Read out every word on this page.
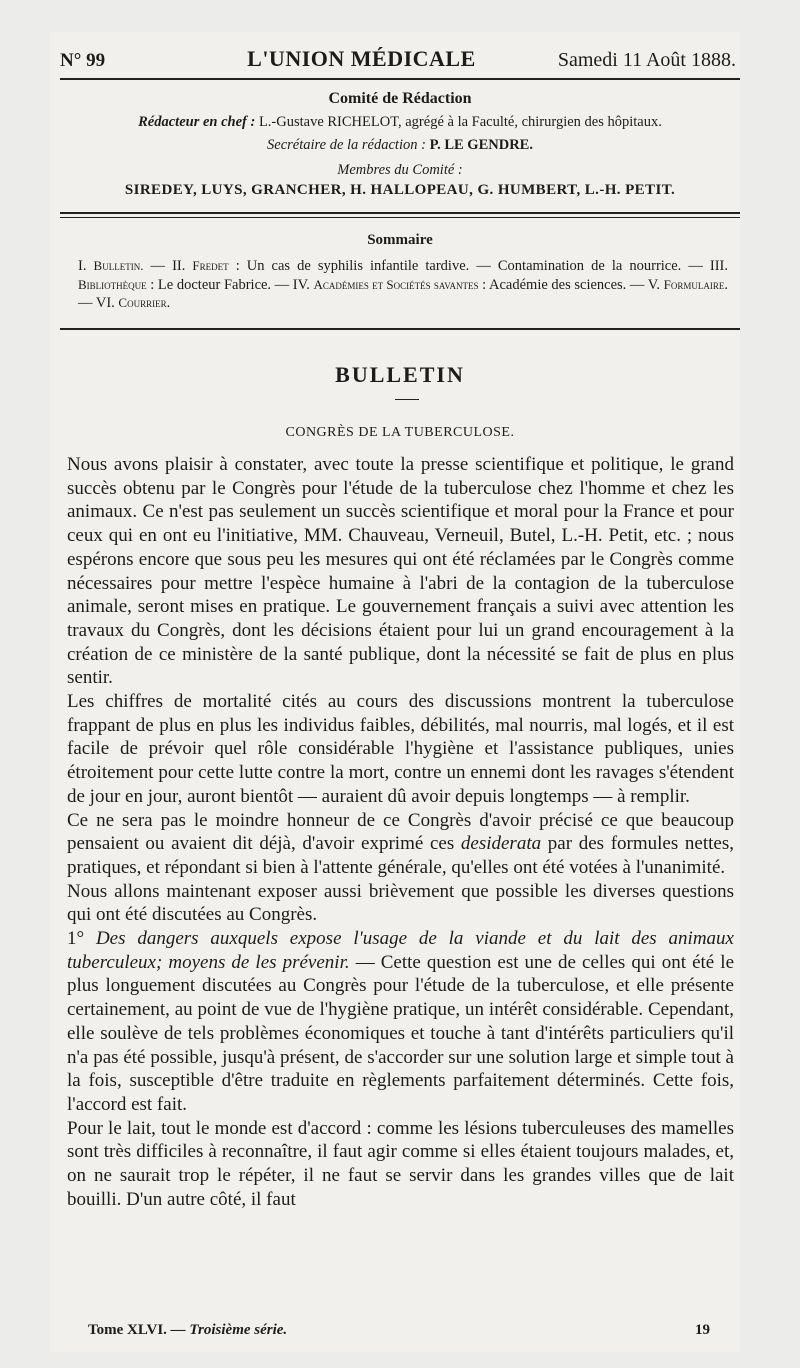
N° 99	L'UNION MÉDICALE	Samedi 11 Août 1888.
Comité de Rédaction
Rédacteur en chef : L.-Gustave RICHELOT, agrégé à la Faculté, chirurgien des hôpitaux.
Secrétaire de la rédaction : P. LE GENDRE.
Membres du Comité :
SIREDEY, LUYS, GRANCHER, H. HALLOPEAU, G. HUMBERT, L.-H. PETIT.
Sommaire
I. Bulletin. — II. Fredet : Un cas de syphilis infantile tardive. — Contamination de la nourrice. — III. Bibliothèque : Le docteur Fabrice. — IV. Académies et Sociétés savantes : Académie des sciences. — V. Formulaire. — VI. Courrier.
BULLETIN
CONGRÈS DE LA TUBERCULOSE.

Nous avons plaisir à constater, avec toute la presse scientifique et politique, le grand succès obtenu par le Congrès pour l'étude de la tuberculose chez l'homme et chez les animaux. Ce n'est pas seulement un succès scientifique et moral pour la France et pour ceux qui en ont eu l'initiative, MM. Chauveau, Verneuil, Butel, L.-H. Petit, etc. ; nous espérons encore que sous peu les mesures qui ont été réclamées par le Congrès comme nécessaires pour mettre l'espèce humaine à l'abri de la contagion de la tuberculose animale, seront mises en pratique. Le gouvernement français a suivi avec attention les travaux du Congrès, dont les décisions étaient pour lui un grand encouragement à la création de ce ministère de la santé publique, dont la nécessité se fait de plus en plus sentir.

Les chiffres de mortalité cités au cours des discussions montrent la tuberculose frappant de plus en plus les individus faibles, débilités, mal nourris, mal logés, et il est facile de prévoir quel rôle considérable l'hygiène et l'assistance publiques, unies étroitement pour cette lutte contre la mort, contre un ennemi dont les ravages s'étendent de jour en jour, auront bientôt — auraient dû avoir depuis longtemps — à remplir.

Ce ne sera pas le moindre honneur de ce Congrès d'avoir précisé ce que beaucoup pensaient ou avaient dit déjà, d'avoir exprimé ces desiderata par des formules nettes, pratiques, et répondant si bien à l'attente générale, qu'elles ont été votées à l'unanimité.

Nous allons maintenant exposer aussi brièvement que possible les diverses questions qui ont été discutées au Congrès.

1° Des dangers auxquels expose l'usage de la viande et du lait des animaux tuberculeux; moyens de les prévenir. — Cette question est une de celles qui ont été le plus longuement discutées au Congrès pour l'étude de la tuberculose, et elle présente certainement, au point de vue de l'hygiène pratique, un intérêt considérable. Cependant, elle soulève de tels problèmes économiques et touche à tant d'intérêts particuliers qu'il n'a pas été possible, jusqu'à présent, de s'accorder sur une solution large et simple tout à la fois, susceptible d'être traduite en règlements parfaitement déterminés. Cette fois, l'accord est fait.

Pour le lait, tout le monde est d'accord : comme les lésions tuberculeuses des mamelles sont très difficiles à reconnaître, il faut agir comme si elles étaient toujours malades, et, on ne saurait trop le répéter, il ne faut se servir dans les grandes villes que de lait bouilli. D'un autre côté, il faut

Tome XLVI. — Troisième série.	19
